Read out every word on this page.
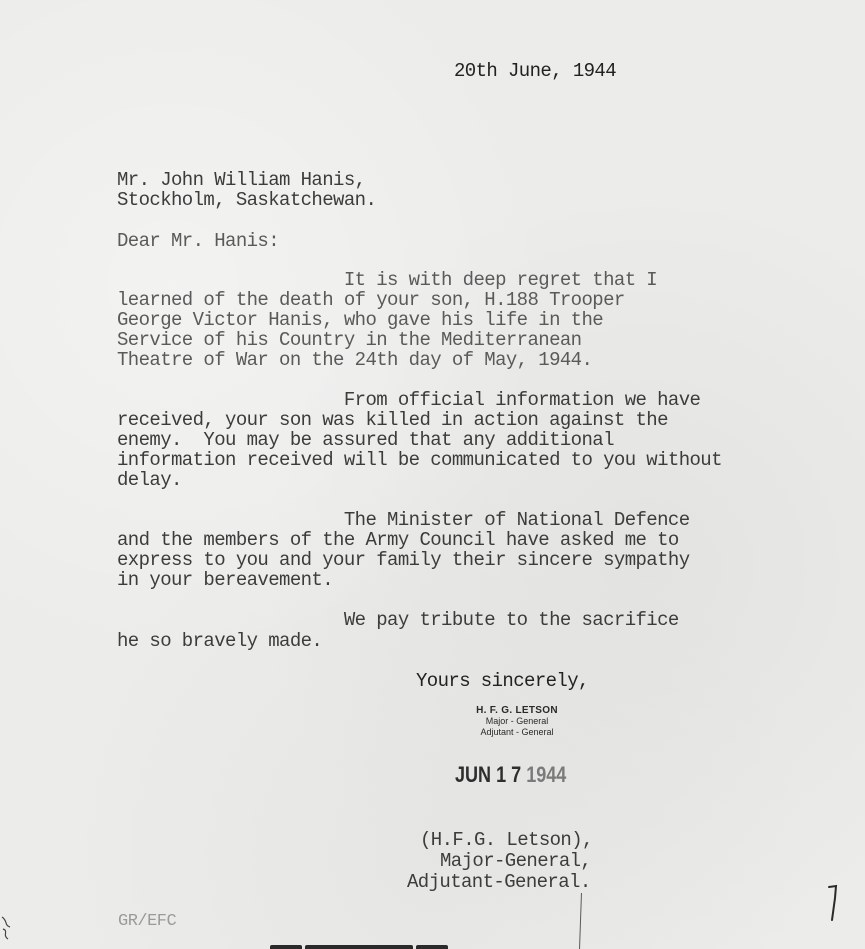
20th June, 1944

Mr. John William Hanis,

Stockholm, Saskatchewan.

Dear Mr. Hanis:

It is with deep regret that I

learned of the death of your son, H.188 Trooper

George Victor Hanis, who gave his life in the

Service of his Country in the Mediterranean

Theatre of War on the 24th day of May, 1944.

From official information we have

received, your son was killed in action against the

enemy.  You may be assured that any additional

information received will be communicated to you without

delay.

The Minister of National Defence

and the members of the Army Council have asked me to

express to you and your family their sincere sympathy

in your bereavement.

We pay tribute to the sacrifice

he so bravely made.

Yours sincerely,

H. F. G. LETSON
Major - General
Adjutant - General
JUN 1 7 1944

(H.F.G. Letson),

Major-General,

Adjutant-General.

GR/EFC
